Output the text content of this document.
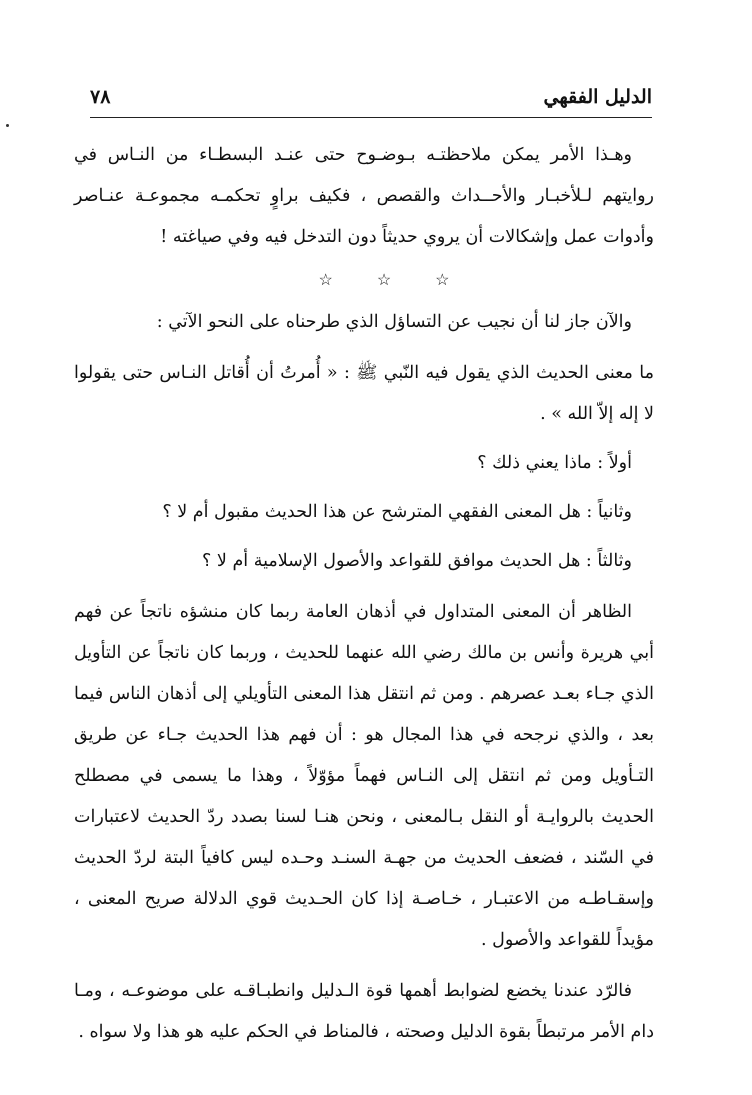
الدليل الفقهي
٧٨

وهـذا الأمر يمكن ملاحظتـه بـوضـوح حتى عنـد البسطـاء من النـاس في روايتهم لـلأخبـار والأحــداث والقصص ، فكيف براوٍ تحكمـه مجموعـة عنـاصر وأدوات عمل وإشكالات أن يروي حديثاً دون التدخل فيه وفي صياغته !

☆	☆	☆

والآن جاز لنا أن نجيب عن التساؤل الذي طرحناه على النحو الآتي :

ما معنى الحديث الذي يقول فيه النّبي ﷺ : « أُمرتُ أن أُقاتل النـاس حتى يقولوا لا إله إلاّ الله » .

أولاً : ماذا يعني ذلك ؟

وثانياً : هل المعنى الفقهي المترشح عن هذا الحديث مقبول أم لا ؟

وثالثاً : هل الحديث موافق للقواعد والأصول الإسلامية أم لا ؟

الظاهر أن المعنى المتداول في أذهان العامة ربما كان منشؤه ناتجاً عن فهم أبي هريرة وأنس بن مالك رضي الله عنهما للحديث ، وربما كان ناتجاً عن التأويل الذي جـاء بعـد عصرهم . ومن ثم انتقل هذا المعنى التأويلي إلى أذهان الناس فيما بعد ، والذي نرجحه في هذا المجال هو : أن فهم هذا الحديث جـاء عن طريق التـأويل ومن ثم انتقل إلى النـاس فهماً مؤوّلاً ، وهذا ما يسمى في مصطلح الحديث بالروايـة أو النقل بـالمعنى ، ونحن هنـا لسنا بصدد ردّ الحديث لاعتبارات في السّند ، فضعف الحديث من جهـة السنـد وحـده ليس كافياً البتة لردّ الحديث وإسقـاطـه من الاعتبـار ، خـاصـة إذا كان الحـديث قوي الدلالة صريح المعنى ، مؤيداً للقواعد والأصول .

فالرّد عندنا يخضع لضوابط أهمها قوة الـدليل وانطبـاقـه على موضوعـه ، ومـا دام الأمر مرتبطاً بقوة الدليل وصحته ، فالمناط في الحكم عليه هو هذا ولا سواه .
